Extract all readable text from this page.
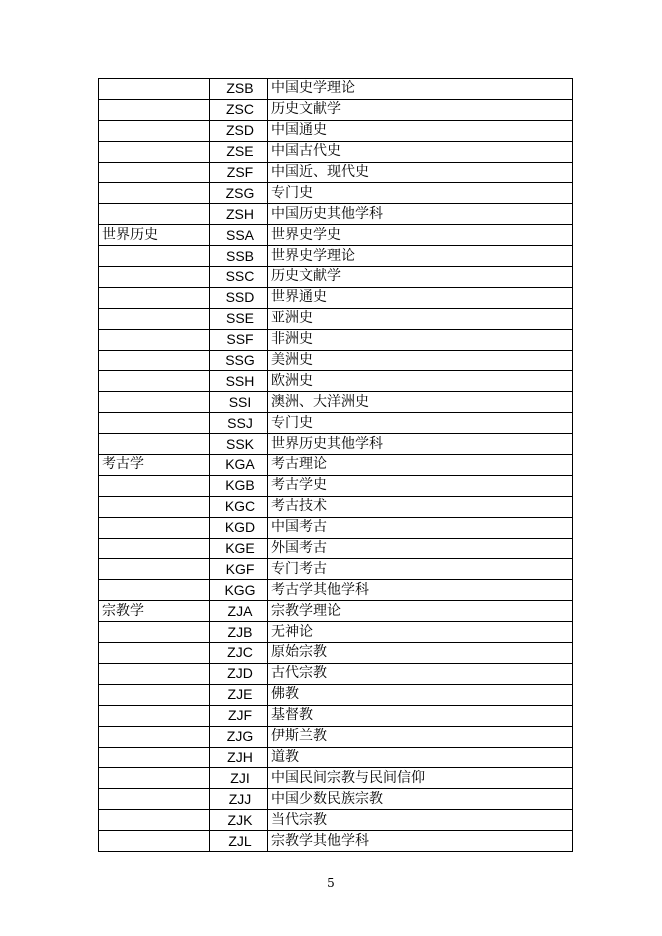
	ZSB	中国史学理论
	ZSC	历史文献学
	ZSD	中国通史
	ZSE	中国古代史
	ZSF	中国近、现代史
	ZSG	专门史
	ZSH	中国历史其他学科
世界历史	SSA	世界史学史
	SSB	世界史学理论
	SSC	历史文献学
	SSD	世界通史
	SSE	亚洲史
	SSF	非洲史
	SSG	美洲史
	SSH	欧洲史
	SSI	澳洲、大洋洲史
	SSJ	专门史
	SSK	世界历史其他学科
考古学	KGA	考古理论
	KGB	考古学史
	KGC	考古技术
	KGD	中国考古
	KGE	外国考古
	KGF	专门考古
	KGG	考古学其他学科
宗教学	ZJA	宗教学理论
	ZJB	无神论
	ZJC	原始宗教
	ZJD	古代宗教
	ZJE	佛教
	ZJF	基督教
	ZJG	伊斯兰教
	ZJH	道教
	ZJI	中国民间宗教与民间信仰
	ZJJ	中国少数民族宗教
	ZJK	当代宗教
	ZJL	宗教学其他学科
5
